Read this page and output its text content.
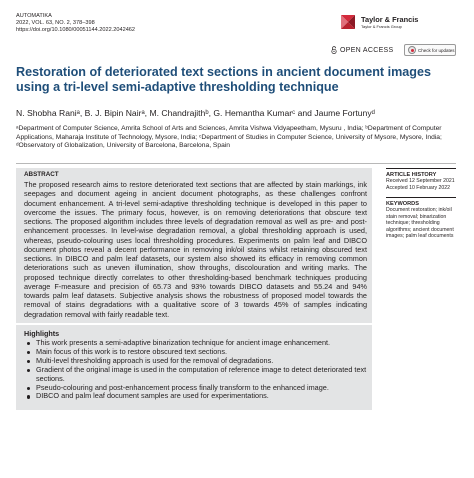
AUTOMATIKA
2022, VOL. 63, NO. 2, 378–398
https://doi.org/10.1080/00051144.2022.2042462
Taylor & Francis
Taylor & Francis Group
OPEN ACCESS	Check for updates
Restoration of deteriorated text sections in ancient document images using a tri-level semi-adaptive thresholding technique
N. Shobha Raniᵃ, B. J. Bipin Nairᵃ, M. Chandrajithᵇ, G. Hemantha Kumarᶜ and Jaume Fortunyᵈ
ᵃDepartment of Computer Science, Amrita School of Arts and Sciences, Amrita Vishwa Vidyapeetham, Mysuru , India; ᵇDepartment of Computer Applications, Maharaja Institute of Technology, Mysore, India; ᶜDepartment of Studies in Computer Science, University of Mysore, Mysore, India; ᵈObservatory of Globalization, University of Barcelona, Barcelona, Spain
ABSTRACT
The proposed research aims to restore deteriorated text sections that are affected by stain markings, ink seepages and document ageing in ancient document photographs, as these challenges confront document enhancement. A tri-level semi-adaptive thresholding technique is developed in this paper to overcome the issues. The primary focus, however, is on removing deteriorations that obscure text sections. The proposed algorithm includes three levels of degradation removal as well as pre- and post-enhancement processes. In level-wise degradation removal, a global thresholding approach is used, whereas, pseudo-colouring uses local thresholding procedures. Experiments on palm leaf and DIBCO document photos reveal a decent performance in removing ink/oil stains whilst retaining obscured text sections. In DIBCO and palm leaf datasets, our system also showed its efficacy in removing common deteriorations such as uneven illumination, show throughs, discolouration and writing marks. The proposed technique directly correlates to other thresholding-based benchmark techniques producing average F-measure and precision of 65.73 and 93% towards DIBCO datasets and 55.24 and 94% towards palm leaf datasets. Subjective analysis shows the robustness of proposed model towards the removal of stains degradations with a qualitative score of 3 towards 45% of samples indicating degradation removal with fairly readable text.
ARTICLE HISTORY
Received 12 September 2021
Accepted 10 February 2022
KEYWORDS
Document restoration; ink/oil stain removal; binarization technique; thresholding algorithms; ancient document images; palm leaf documents
Highlights
This work presents a semi-adaptive binarization technique for ancient image enhancement.
Main focus of this work is to restore obscured text sections.
Multi-level thresholding approach is used for the removal of degradations.
Gradient of the original image is used in the computation of reference image to detect deteriorated text sections.
Pseudo-colouring and post-enhancement process finally transform to the enhanced image.
DIBCO and palm leaf document samples are used for experimentations.
